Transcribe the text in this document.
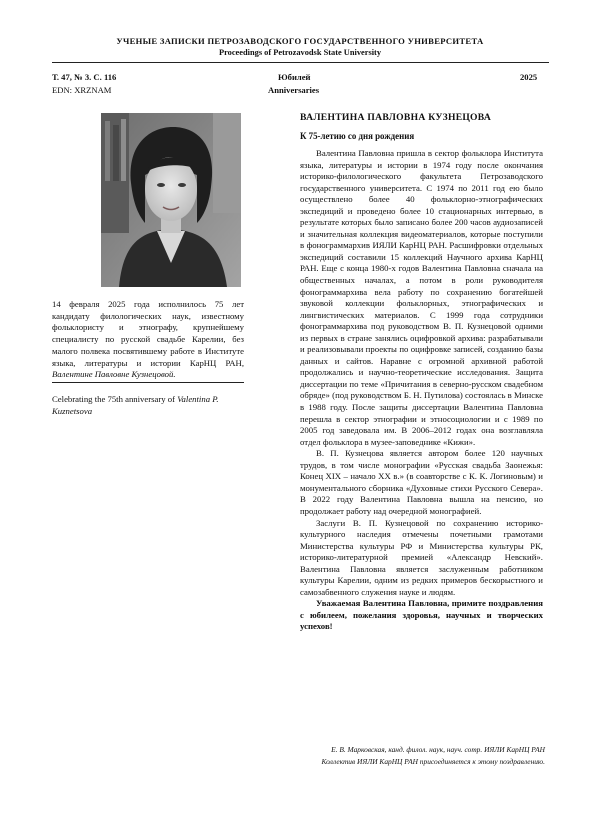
УЧЕНЫЕ ЗАПИСКИ ПЕТРОЗАВОДСКОГО ГОСУДАРСТВЕННОГО УНИВЕРСИТЕТА
Proceedings of Petrozavodsk State University
Т. 47, № 3. С. 116
EDN: XRZNAM
Юбилей
Anniversaries
2025
14 февраля 2025 года исполнилось 75 лет кандидату филологических наук, известному фольклористу и этнографу, крупнейшему специалисту по русской свадьбе Карелии, без малого полвека посвятившему работе в Институте языка, литературы и истории КарНЦ РАН, Валентине Павловне Кузнецовой.
Celebrating the 75th anniversary of Valentina P. Kuznetsova
ВАЛЕНТИНА ПАВЛОВНА КУЗНЕЦОВА
К 75-летию со дня рождения

Валентина Павловна пришла в сектор фольклора Института языка, литературы и истории в 1974 году после окончания историко-филологического факультета Петрозаводского государственного университета. С 1974 по 2011 год ею было осуществлено более 40 фольклорно-этнографических экспедиций и проведено более 10 стационарных интервью, в результате которых было записано более 200 часов аудиозаписей и значительная коллекция видеоматериалов, которые поступили в фонограммархив ИЯЛИ КарНЦ РАН. Расшифровки отдельных экспедиций составили 15 коллекций Научного архива КарНЦ РАН. Еще с конца 1980-х годов Валентина Павловна сначала на общественных началах, а потом в роли руководителя фонограммархива вела работу по сохранению богатейшей звуковой коллекции фольклорных, этнографических и лингвистических материалов. С 1999 года сотрудники фонограммархива под руководством В. П. Кузнецовой одними из первых в стране занялись оцифровкой архива: разрабатывали и реализовывали проекты по оцифровке записей, созданию базы данных и сайтов. Наравне с огромной архивной работой продолжались и научно-теоретические исследования. Защита диссертации по теме «Причитания в северно-русском свадебном обряде» (под руководством Б. Н. Путилова) состоялась в Минске в 1988 году. После защиты диссертации Валентина Павловна перешла в сектор этнографии и этносоциологии и с 1989 по 2005 год заведовала им. В 2006–2012 годах она возглавляла отдел фольклора в музее-заповеднике «Кижи».

В. П. Кузнецова является автором более 120 научных трудов, в том числе монографии «Русская свадьба Заонежья: Конец XIX – начало XX в.» (в соавторстве с К. К. Логиновым) и монументального сборника «Духовные стихи Русского Севера». В 2022 году Валентина Павловна вышла на пенсию, но продолжает работу над очередной монографией.

Заслуги В. П. Кузнецовой по сохранению историко-культурного наследия отмечены почетными грамотами Министерства культуры РФ и Министерства культуры РК, историко-литературной премией «Александр Невский». Валентина Павловна является заслуженным работником культуры Карелии, одним из редких примеров бескорыстного и самозабвенного служения науке и людям.

Уважаемая Валентина Павловна, примите поздравления с юбилеем, пожелания здоровья, научных и творческих успехов!

Е. В. Марковская, канд. филол. наук, науч. сотр. ИЯЛИ КарНЦ РАН
Коллектив ИЯЛИ КарНЦ РАН присоединяется к этому поздравлению.
